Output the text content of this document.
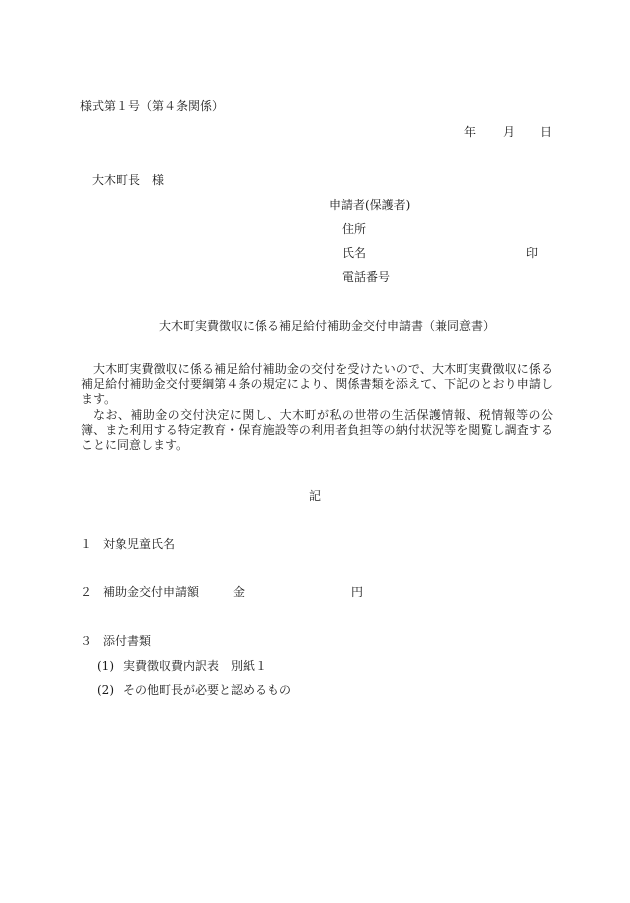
様式第１号（第４条関係）
年 月 日
大木町長　様
申請者(保護者)
住所
氏名	印
電話番号
大木町実費徴収に係る補足給付補助金交付申請書（兼同意書）
大木町実費徴収に係る補足給付補助金の交付を受けたいので、大木町実費徴収に係る補足給付補助金交付要綱第４条の規定により、関係書類を添えて、下記のとおり申請します。
なお、補助金の交付決定に関し、大木町が私の世帯の生活保護情報、税情報等の公簿、また利用する特定教育・保育施設等の利用者負担等の納付状況等を閲覧し調査することに同意します。
記
１ 対象児童氏名
２ 補助金交付申請額	金	円
３ 添付書類
(1) 実費徴収費内訳表　別紙１
(2) その他町長が必要と認めるもの
